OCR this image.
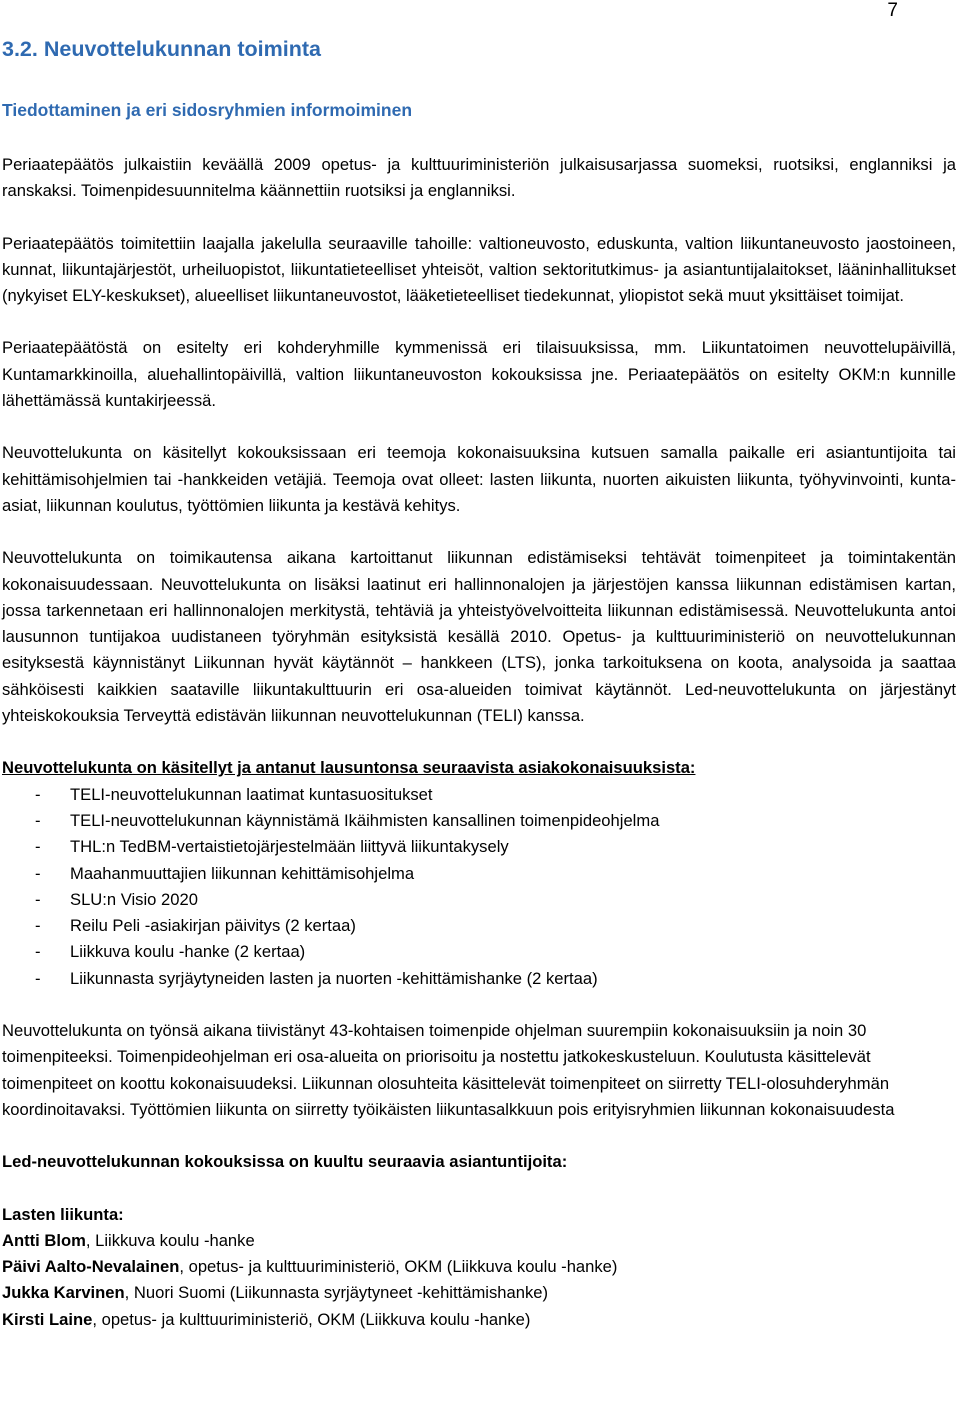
7
3.2. Neuvottelukunnan toiminta
Tiedottaminen ja eri sidosryhmien informoiminen

Periaatepäätös julkaistiin keväällä 2009 opetus- ja kulttuuriministeriön julkaisusarjassa suomeksi, ruotsiksi, englanniksi ja ranskaksi. Toimenpidesuunnitelma käännettiin ruotsiksi ja englanniksi.

Periaatepäätös toimitettiin laajalla jakelulla seuraaville tahoille: valtioneuvosto, eduskunta, valtion liikuntaneuvosto jaostoineen, kunnat, liikuntajärjestöt, urheiluopistot, liikuntatieteelliset yhteisöt, valtion sektoritutkimus- ja asiantuntijalaitokset, lääninhallitukset (nykyiset ELY-keskukset), alueelliset liikuntaneuvostot, lääketieteelliset tiedekunnat, yliopistot sekä muut yksittäiset toimijat.

Periaatepäätöstä on esitelty eri kohderyhmille kymmenissä eri tilaisuuksissa, mm. Liikuntatoimen neuvottelupäivillä, Kuntamarkkinoilla, aluehallintopäivillä, valtion liikuntaneuvoston kokouksissa jne. Periaatepäätös on esitelty OKM:n kunnille lähettämässä kuntakirjeessä.

Neuvottelukunta on käsitellyt kokouksissaan eri teemoja kokonaisuuksina kutsuen samalla paikalle eri asiantuntijoita tai kehittämisohjelmien tai -hankkeiden vetäjiä. Teemoja ovat olleet: lasten liikunta, nuorten aikuisten liikunta, työhyvinvointi, kunta-asiat, liikunnan koulutus, työttömien liikunta ja kestävä kehitys.

Neuvottelukunta on toimikautensa aikana kartoittanut liikunnan edistämiseksi tehtävät toimenpiteet ja toimintakentän kokonaisuudessaan. Neuvottelukunta on lisäksi laatinut eri hallinnonalojen ja järjestöjen kanssa liikunnan edistämisen kartan, jossa tarkennetaan eri hallinnonalojen merkitystä, tehtäviä ja yhteistyövelvoitteita liikunnan edistämisessä. Neuvottelukunta antoi lausunnon tuntijakoa uudistaneen työryhmän esityksistä kesällä 2010. Opetus- ja kulttuuriministeriö on neuvottelukunnan esityksestä käynnistänyt Liikunnan hyvät käytännöt – hankkeen (LTS), jonka tarkoituksena on koota, analysoida ja saattaa sähköisesti kaikkien saataville liikuntakulttuurin eri osa-alueiden toimivat käytännöt. Led-neuvottelukunta on järjestänyt yhteiskokouksia Terveyttä edistävän liikunnan neuvottelukunnan (TELI) kanssa.

Neuvottelukunta on käsitellyt ja antanut lausuntonsa seuraavista asiakokonaisuuksista:

- TELI-neuvottelukunnan laatimat kuntasuositukset
- TELI-neuvottelukunnan käynnistämä Ikäihmisten kansallinen toimenpideohjelma
- THL:n TedBM-vertaistietojärjestelmään liittyvä liikuntakysely
- Maahanmuuttajien liikunnan kehittämisohjelma
- SLU:n Visio 2020
- Reilu Peli -asiakirjan päivitys (2 kertaa)
- Liikkuva koulu -hanke (2 kertaa)
- Liikunnasta syrjäytyneiden lasten ja nuorten -kehittämishanke (2 kertaa)

Neuvottelukunta on työnsä aikana tiivistänyt 43-kohtaisen toimenpide ohjelman suurempiin kokonaisuuksiin ja noin 30 toimenpiteeksi. Toimenpideohjelman eri osa-alueita on priorisoitu ja nostettu jatkokeskusteluun. Koulutusta käsittelevät toimenpiteet on koottu kokonaisuudeksi. Liikunnan olosuhteita käsittelevät toimenpiteet on siirretty TELI-olosuhderyhmän koordinoitavaksi. Työttömien liikunta on siirretty työikäisten liikuntasalkkuun pois erityisryhmien liikunnan kokonaisuudesta

Led-neuvottelukunnan kokouksissa on kuultu seuraavia asiantuntijoita:

Lasten liikunta:

Antti Blom, Liikkuva koulu -hanke

Päivi Aalto-Nevalainen, opetus- ja kulttuuriministeriö, OKM (Liikkuva koulu -hanke)

Jukka Karvinen, Nuori Suomi (Liikunnasta syrjäytyneet -kehittämishanke)

Kirsti Laine, opetus- ja kulttuuriministeriö, OKM (Liikkuva koulu -hanke)
